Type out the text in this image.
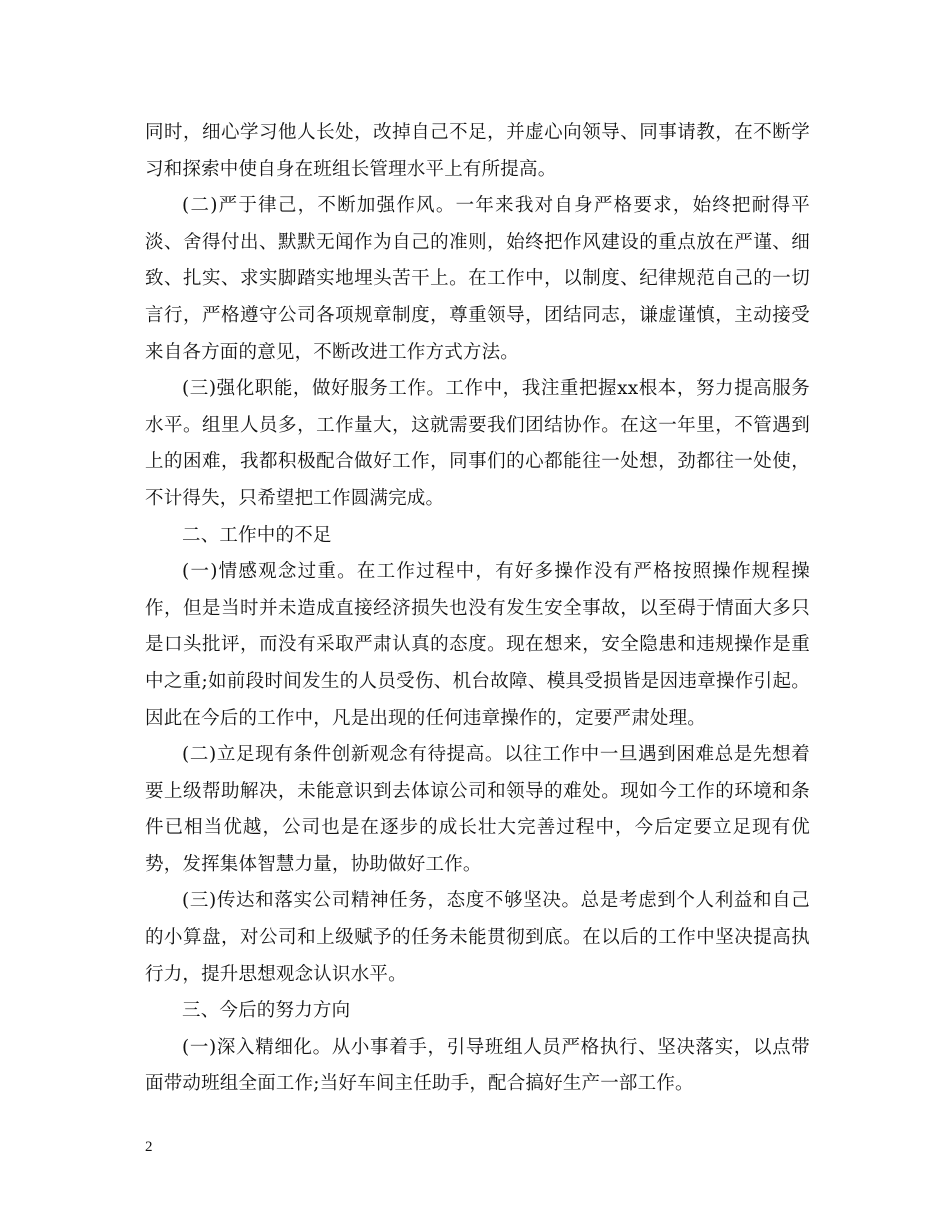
同时，细心学习他人长处，改掉自己不足，并虚心向领导、同事请教，在不断学习和探索中使自身在班组长管理水平上有所提高。

(二)严于律己，不断加强作风。一年来我对自身严格要求，始终把耐得平淡、舍得付出、默默无闻作为自己的准则，始终把作风建设的重点放在严谨、细致、扎实、求实脚踏实地埋头苦干上。在工作中，以制度、纪律规范自己的一切言行，严格遵守公司各项规章制度，尊重领导，团结同志，谦虚谨慎，主动接受来自各方面的意见，不断改进工作方式方法。

(三)强化职能，做好服务工作。工作中，我注重把握xx根本，努力提高服务水平。组里人员多，工作量大，这就需要我们团结协作。在这一年里，不管遇到上的困难，我都积极配合做好工作，同事们的心都能往一处想，劲都往一处使，不计得失，只希望把工作圆满完成。

二、工作中的不足

(一)情感观念过重。在工作过程中，有好多操作没有严格按照操作规程操作，但是当时并未造成直接经济损失也没有发生安全事故，以至碍于情面大多只是口头批评，而没有采取严肃认真的态度。现在想来，安全隐患和违规操作是重中之重;如前段时间发生的人员受伤、机台故障、模具受损皆是因违章操作引起。因此在今后的工作中，凡是出现的任何违章操作的，定要严肃处理。

(二)立足现有条件创新观念有待提高。以往工作中一旦遇到困难总是先想着要上级帮助解决，未能意识到去体谅公司和领导的难处。现如今工作的环境和条件已相当优越，公司也是在逐步的成长壮大完善过程中，今后定要立足现有优势，发挥集体智慧力量，协助做好工作。

(三)传达和落实公司精神任务，态度不够坚决。总是考虑到个人利益和自己的小算盘，对公司和上级赋予的任务未能贯彻到底。在以后的工作中坚决提高执行力，提升思想观念认识水平。

三、今后的努力方向

(一)深入精细化。从小事着手，引导班组人员严格执行、坚决落实，以点带面带动班组全面工作;当好车间主任助手，配合搞好生产一部工作。

2
